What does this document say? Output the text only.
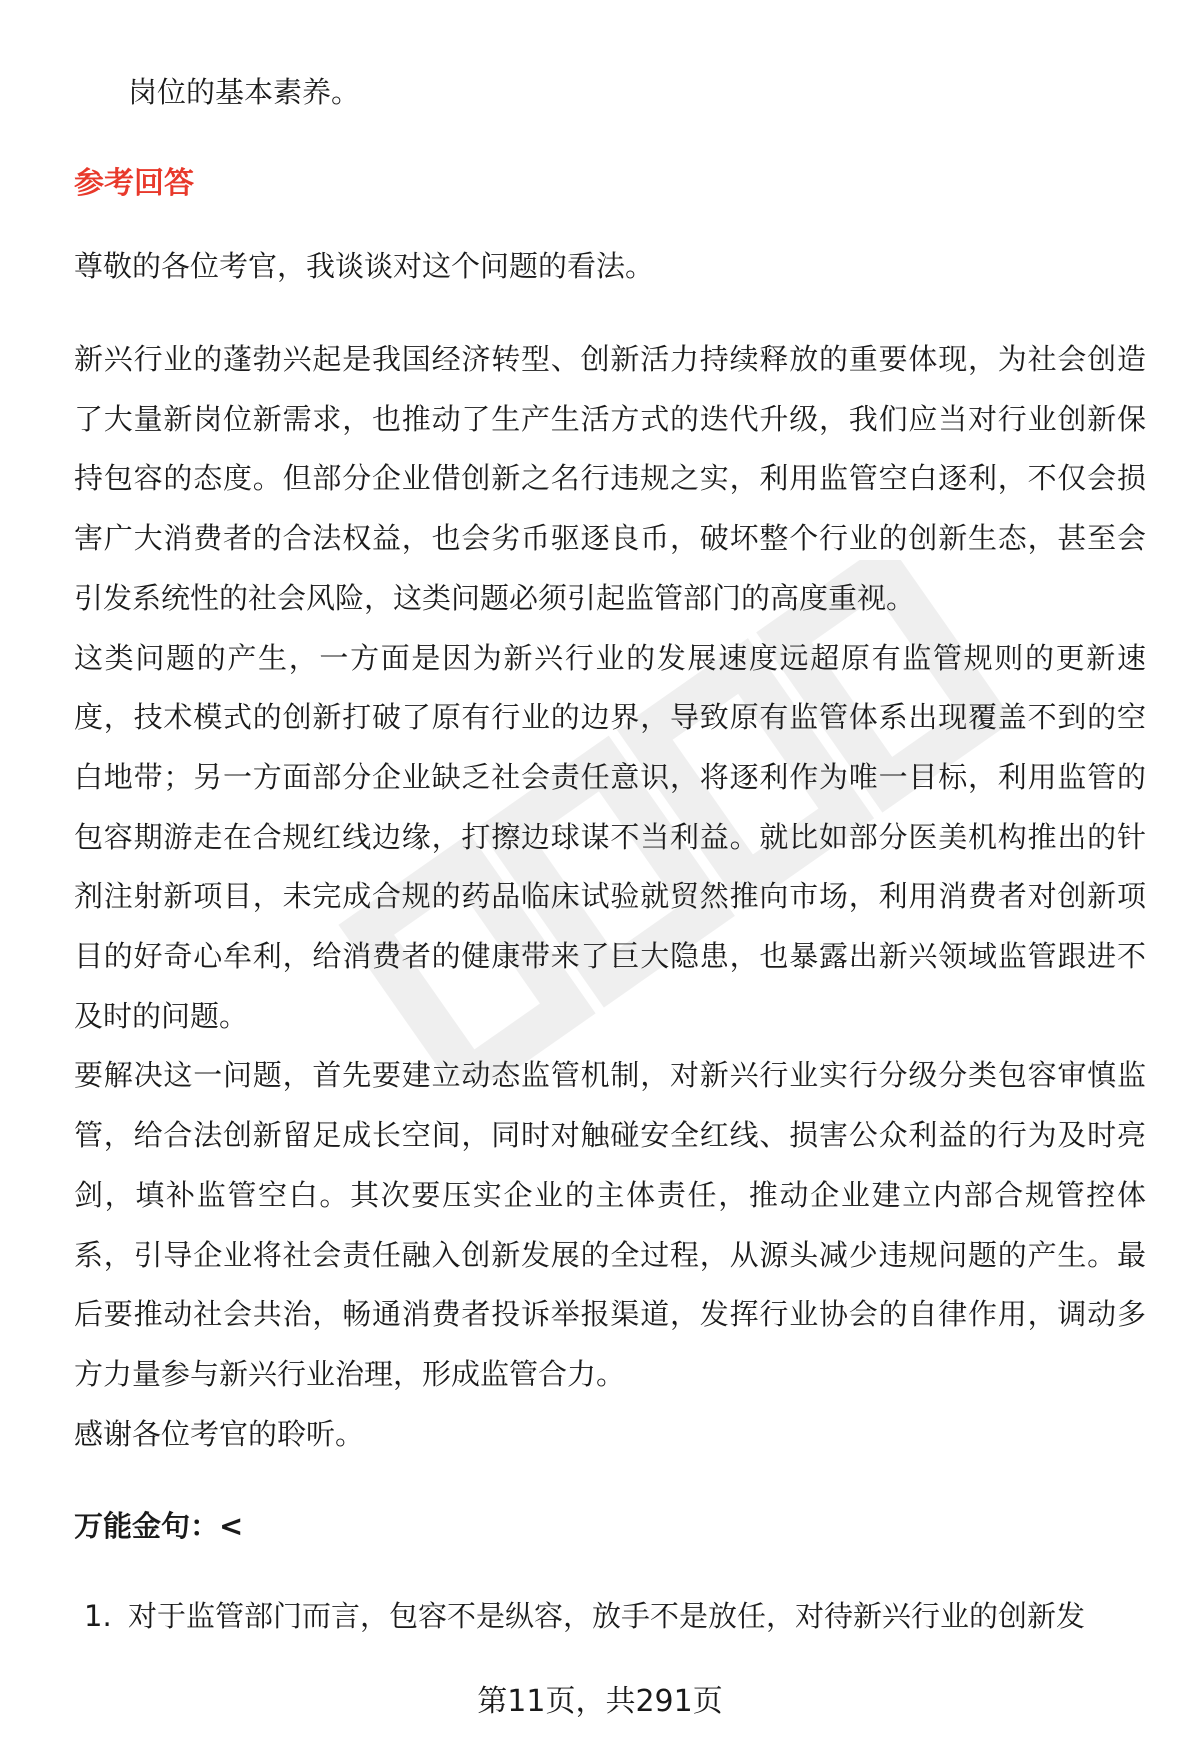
岗位的基本素养。
参考回答
尊敬的各位考官，我谈谈对这个问题的看法。

新兴行业的蓬勃兴起是我国经济转型、创新活力持续释放的重要体现，为社会创造了大量新岗位新需求，也推动了生产生活方式的迭代升级，我们应当对行业创新保持包容的态度。但部分企业借创新之名行违规之实，利用监管空白逐利，不仅会损害广大消费者的合法权益，也会劣币驱逐良币，破坏整个行业的创新生态，甚至会引发系统性的社会风险，这类问题必须引起监管部门的高度重视。

这类问题的产生，一方面是因为新兴行业的发展速度远超原有监管规则的更新速度，技术模式的创新打破了原有行业的边界，导致原有监管体系出现覆盖不到的空白地带；另一方面部分企业缺乏社会责任意识，将逐利作为唯一目标，利用监管的包容期游走在合规红线边缘，打擦边球谋不当利益。就比如部分医美机构推出的针剂注射新项目，未完成合规的药品临床试验就贸然推向市场，利用消费者对创新项目的好奇心牟利，给消费者的健康带来了巨大隐患，也暴露出新兴领域监管跟进不及时的问题。

要解决这一问题，首先要建立动态监管机制，对新兴行业实行分级分类包容审慎监管，给合法创新留足成长空间，同时对触碰安全红线、损害公众利益的行为及时亮剑，填补监管空白。其次要压实企业的主体责任，推动企业建立内部合规管控体系，引导企业将社会责任融入创新发展的全过程，从源头减少违规问题的产生。最后要推动社会共治，畅通消费者投诉举报渠道，发挥行业协会的自律作用，调动多方力量参与新兴行业治理，形成监管合力。

感谢各位考官的聆听。

万能金句：<
1. 对于监管部门而言，包容不是纵容，放手不是放任，对待新兴行业的创新发
第11页，共291页
